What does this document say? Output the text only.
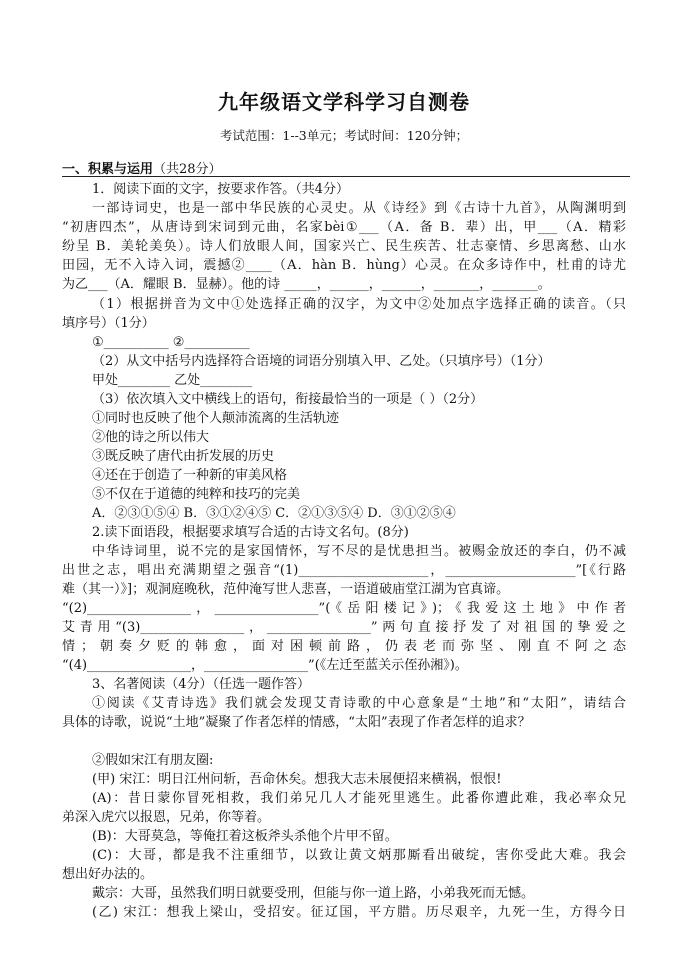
九年级语文学科学习自测卷
考试范围：1--3单元；考试时间：120分钟；
一、积累与运用（共28分）
1．阅读下面的文字，按要求作答。（共4分）
一部诗词史，也是一部中华民族的心灵史。从《诗经》到《古诗十九首》，从陶渊明到
“初唐四杰”，从唐诗到宋词到元曲，名家bèi①___（A．备 B．辈）出，甲___（A．精彩
纷呈 B．美轮美奂）。诗人们放眼人间，国家兴亡、民生疾苦、壮志豪情、乡思离愁、山水
田园，无不入诗入词，震撼②____（A．hàn B．hùng）心灵。在众多诗作中，杜甫的诗尤
为乙___（A．耀眼 B．显赫）。他的诗 _____，______，______，_______，_______。
（1）根据拼音为文中①处选择正确的汉字，为文中②处加点字选择正确的读音。（只
填序号）（1分）
①__________ ②__________
（2）从文中括号内选择符合语境的词语分别填入甲、乙处。（只填序号）（1分）
甲处________ 乙处________
（3）依次填入文中横线上的语句，衔接最恰当的一项是（ ）（2分）
①同时也反映了他个人颠沛流离的生活轨迹
②他的诗之所以伟大
③既反映了唐代由折发展的历史
④还在于创造了一种新的审美风格
⑤不仅在于道德的纯粹和技巧的完美
A．②③①⑤④ B．③①②④⑤ C．②①③⑤④ D．③①②⑤④
2.读下面语段，根据要求填写合适的古诗文名句。(8分)
中华诗词里，说不完的是家国情怀，写不尽的是忧患担当。被赐金放还的李白，仍不减
出世之志，唱出充满期望之强音“(1)____________________，____________________”[《行路
难（其一）》]；观洞庭晚秋，范仲淹写世人悲喜，一语道破庙堂江湖为官真谛。
“(2)________________，________________”(《岳阳楼记》)；《我爱这土地》中作者
艾青用“(3)________________，________________”两句直接抒发了对祖国的挚爱之
情；朝奏夕贬的韩愈，面对困顿前路，仍表老而弥坚、刚直不阿之态
“(4)________________，________________”(《左迁至蓝关示侄孙湘》)。
3、名著阅读（4分）（任选一题作答）
①阅读《艾青诗选》我们就会发现艾青诗歌的中心意象是“土地”和“太阳”，请结合
具体的诗歌，说说“土地”凝聚了作者怎样的情感，“太阳”表现了作者怎样的追求？
②假如宋江有朋友圈:
(甲) 宋江：明日江州问斩，吾命休矣。想我大志未展便招来横祸，恨恨!
(A)：昔日蒙你冒死相救，我们弟兄几人才能死里逃生。此番你遭此难，我必率众兄
弟深入虎穴以报恩，兄弟，你等着。
(B)：大哥莫急，等俺扛着这板斧头杀他个片甲不留。
(C)：大哥，都是我不注重细节，以致让黄文炳那厮看出破绽，害你受此大难。我会
想出好办法的。
戴宗：大哥，虽然我们明日就要受刑，但能与你一道上路，小弟我死而无憾。
(乙) 宋江：想我上梁山，受招安。征辽国，平方腊。历尽艰辛，九死一生，方得今日
